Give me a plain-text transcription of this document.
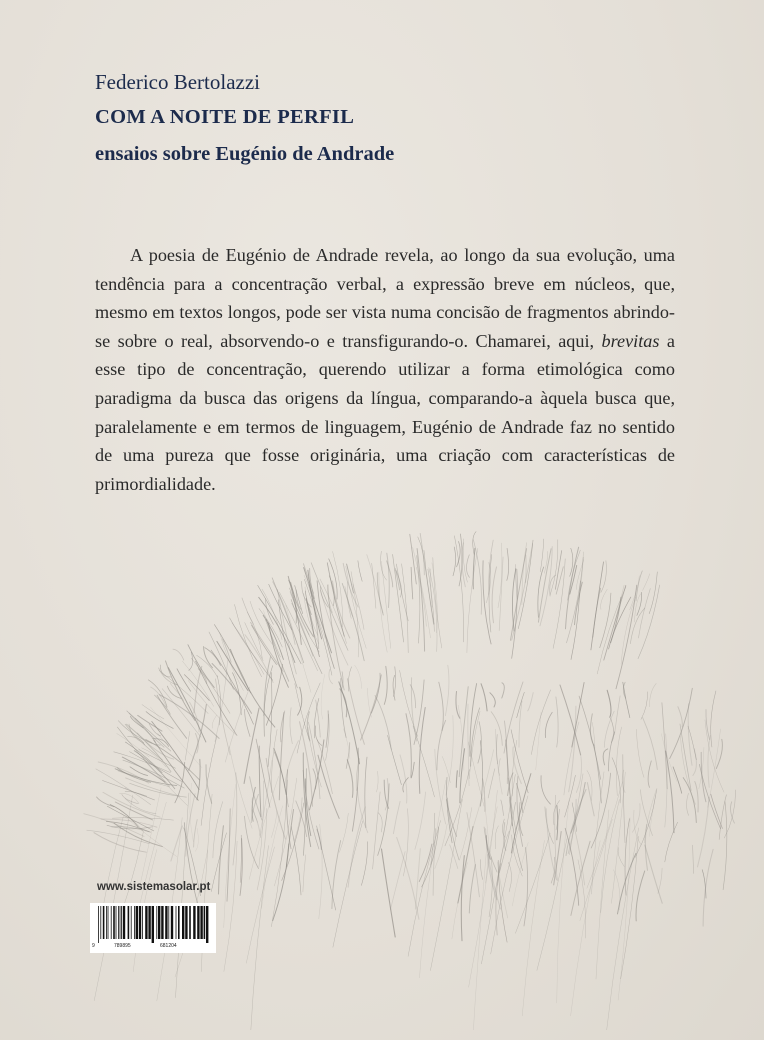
Federico Bertolazzi
COM A NOITE DE PERFIL
ensaios sobre Eugénio de Andrade

A poesia de Eugénio de Andrade revela, ao longo da sua evolução, uma tendência para a concentração verbal, a expressão breve em núcleos, que, mesmo em textos longos, pode ser vista numa concisão de fragmentos abrindo-se sobre o real, absorvendo-o e transfigurando-o. Chamarei, aqui, brevitas a esse tipo de concentração, querendo utilizar a forma etimológica como paradigma da busca das origens da língua, comparando-a àquela busca que, paralelamente e em termos de linguagem, Eugénio de Andrade faz no sentido de uma pureza que fosse originária, uma criação com características de primordialidade.

www.sistemasolar.pt
9	789895	681204
